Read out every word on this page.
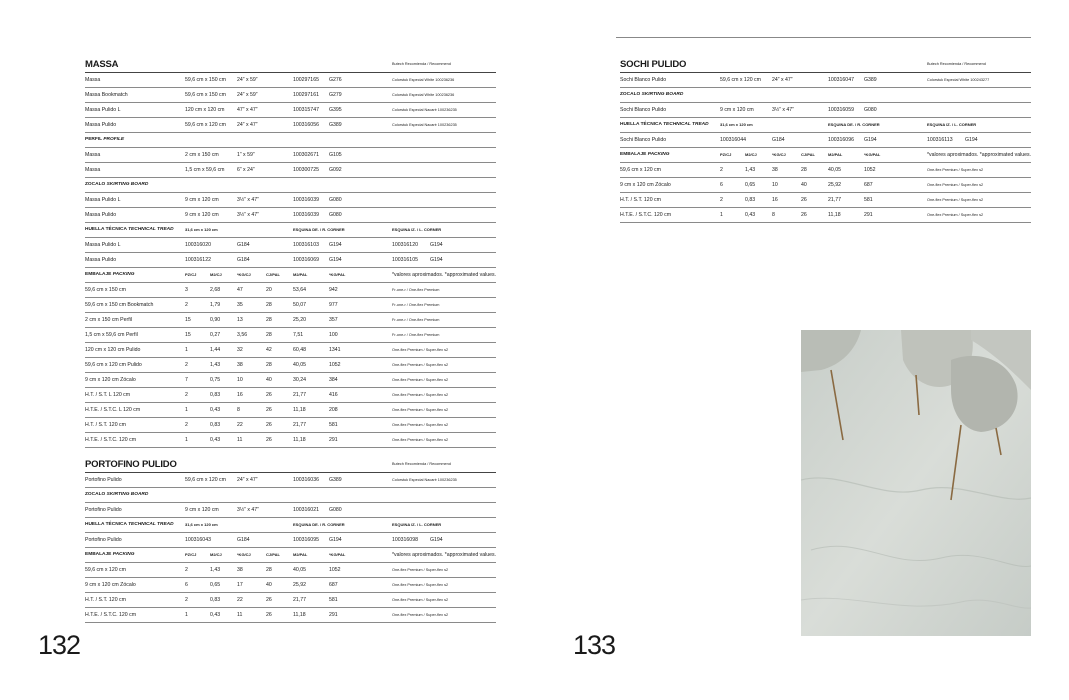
MASSA	Butech Recomienda / Recommend
Massa	59,6 cm x 150 cm 24” x 59”	100297165 G276	Colorstuk Especial White 100236236
Massa Bookmatch	59,6 cm x 150 cm 24” x 59”	100297161 G279	Colorstuk Especial White 100236236
Massa Pulido L	120 cm x 120 cm 47” x 47”	100315747 G395	Colorstuk Especial Nacarè 100236235
Massa Pulido	59,6 cm x 120 cm 24” x 47”	100316056 G389	Colorstuk Especial Nacarè 100236235
PERFIL PROFILE
Massa	2 cm x 150 cm	1” x 59”	100302671 G105
Massa	1,5 cm x 59,6 cm 6” x 24”	100300725 G092
ZOCALO SKIRTING BOARD
Massa Pulido L	9 cm x 120 cm	3½” x 47”	100316039 G080
Massa Pulido	9 cm x 120 cm	3½” x 47”	100316039 G080
HUELLA TÉCNICA TECHNICAL TREAD	31,6 cm x 120 cm	ESQUINA DE. / R. CORNER	ESQUINA IZ. / L. CORNER
Massa Pulido L	100316020	G184	100316103 G194	100316120 G194
Massa Pulido	100316122	G184	100316069 G194	100316105 G194
EMBALAJE PACKING	PZ/CJ	M2/CJ	*KG/CJ	CJ/PAL	M2/PAL	*KG/PAL	*valores aproximados. *approximated values.
59,6 cm x 150 cm	3	2,68	47	20	53,64	942	Fr-one-r / One-flex Premium
59,6 cm x 150 cm Bookmatch	2	1,79	35	28	50,07	977	Fr-one-r / One-flex Premium
2 cm x 150 cm Perfil	15	0,90	13	28	25,20	357	Fr-one-r / One-flex Premium
1,5 cm x 59,6 cm Perfil	15	0,27	3,56	28	7,51	100	Fr-one-r / One-flex Premium
120 cm x 120 cm Pulido	1	1,44	32	42	60,48	1341	One-flex Premium / Super-flex s2
59,6 cm x 120 cm Pulido	2	1,43	38	28	40,05	1052	One-flex Premium / Super-flex s2
9 cm x 120 cm Zócalo	7	0,75	10	40	30,24	384	One-flex Premium / Super-flex s2
H.T. / S.T. L 120 cm	2	0,83	16	26	21,77	416	One-flex Premium / Super-flex s2
H.T.E. / S.T.C. L 120 cm	1	0,43	8	26	11,18	208	One-flex Premium / Super-flex s2
H.T. / S.T. 120 cm	2	0,83	22	26	21,77	581	One-flex Premium / Super-flex s2
H.T.E. / S.T.C. 120 cm	1	0,43	11	26	11,18	291	One-flex Premium / Super-flex s2
PORTOFINO PULIDO	Butech Recomienda / Recommend
Portofino Pulido	59,6 cm x 120 cm 24” x 47”	100316036 G389	Colorstuk Especial Nacarè 100236235
ZOCALO SKIRTING BOARD
Portofino Pulido	9 cm x 120 cm	3½” x 47”	100316021 G080
HUELLA TÉCNICA TECHNICAL TREAD	31,6 cm x 120 cm	ESQUINA DE. / R. CORNER	ESQUINA IZ. / L. CORNER
Portofino Pulido	100316043	G184	100316095 G194	100316098 G194
EMBALAJE PACKING	PZ/CJ	M2/CJ	*KG/CJ	CJ/PAL	M2/PAL	*KG/PAL	*valores aproximados. *approximated values.
59,6 cm x 120 cm	2	1,43	38	28	40,05	1052	One-flex Premium / Super-flex s2
9 cm x 120 cm Zócalo	6	0,65	17	40	25,92	687	One-flex Premium / Super-flex s2
H.T. / S.T. 120 cm	2	0,83	22	26	21,77	581	One-flex Premium / Super-flex s2
H.T.E. / S.T.C. 120 cm	1	0,43	11	26	11,18	291	One-flex Premium / Super-flex s2
132
SOCHI PULIDO	Butech Recomienda / Recommend
Sochi Blanco Pulido	59,6 cm x 120 cm 24” x 47”	100316047 G389	Colorstuk Especial White 100243277
ZOCALO SKIRTING BOARD
Sochi Blanco Pulido	9 cm x 120 cm	3½” x 47”	100316059 G080
HUELLA TÉCNICA TECHNICAL TREAD	31,6 cm x 120 cm	ESQUINA DE. / R. CORNER	ESQUINA IZ. / L. CORNER
Sochi Blanco Pulido	100316044	G184	100316096 G194	100316113 G194
EMBALAJE PACKING	PZ/CJ	M2/CJ	*KG/CJ	CJ/PAL	M2/PAL	*KG/PAL	*valores aproximados. *approximated values.
59,6 cm x 120 cm	2	1,43	38	28	40,05	1052	One-flex Premium / Super-flex s2
9 cm x 120 cm Zócalo	6	0,65	10	40	25,92	687	One-flex Premium / Super-flex s2
H.T. / S.T. 120 cm	2	0,83	16	26	21,77	581	One-flex Premium / Super-flex s2
H.T.E. / S.T.C. 120 cm	1	0,43	8	26	11,18	291	One-flex Premium / Super-flex s2
133
